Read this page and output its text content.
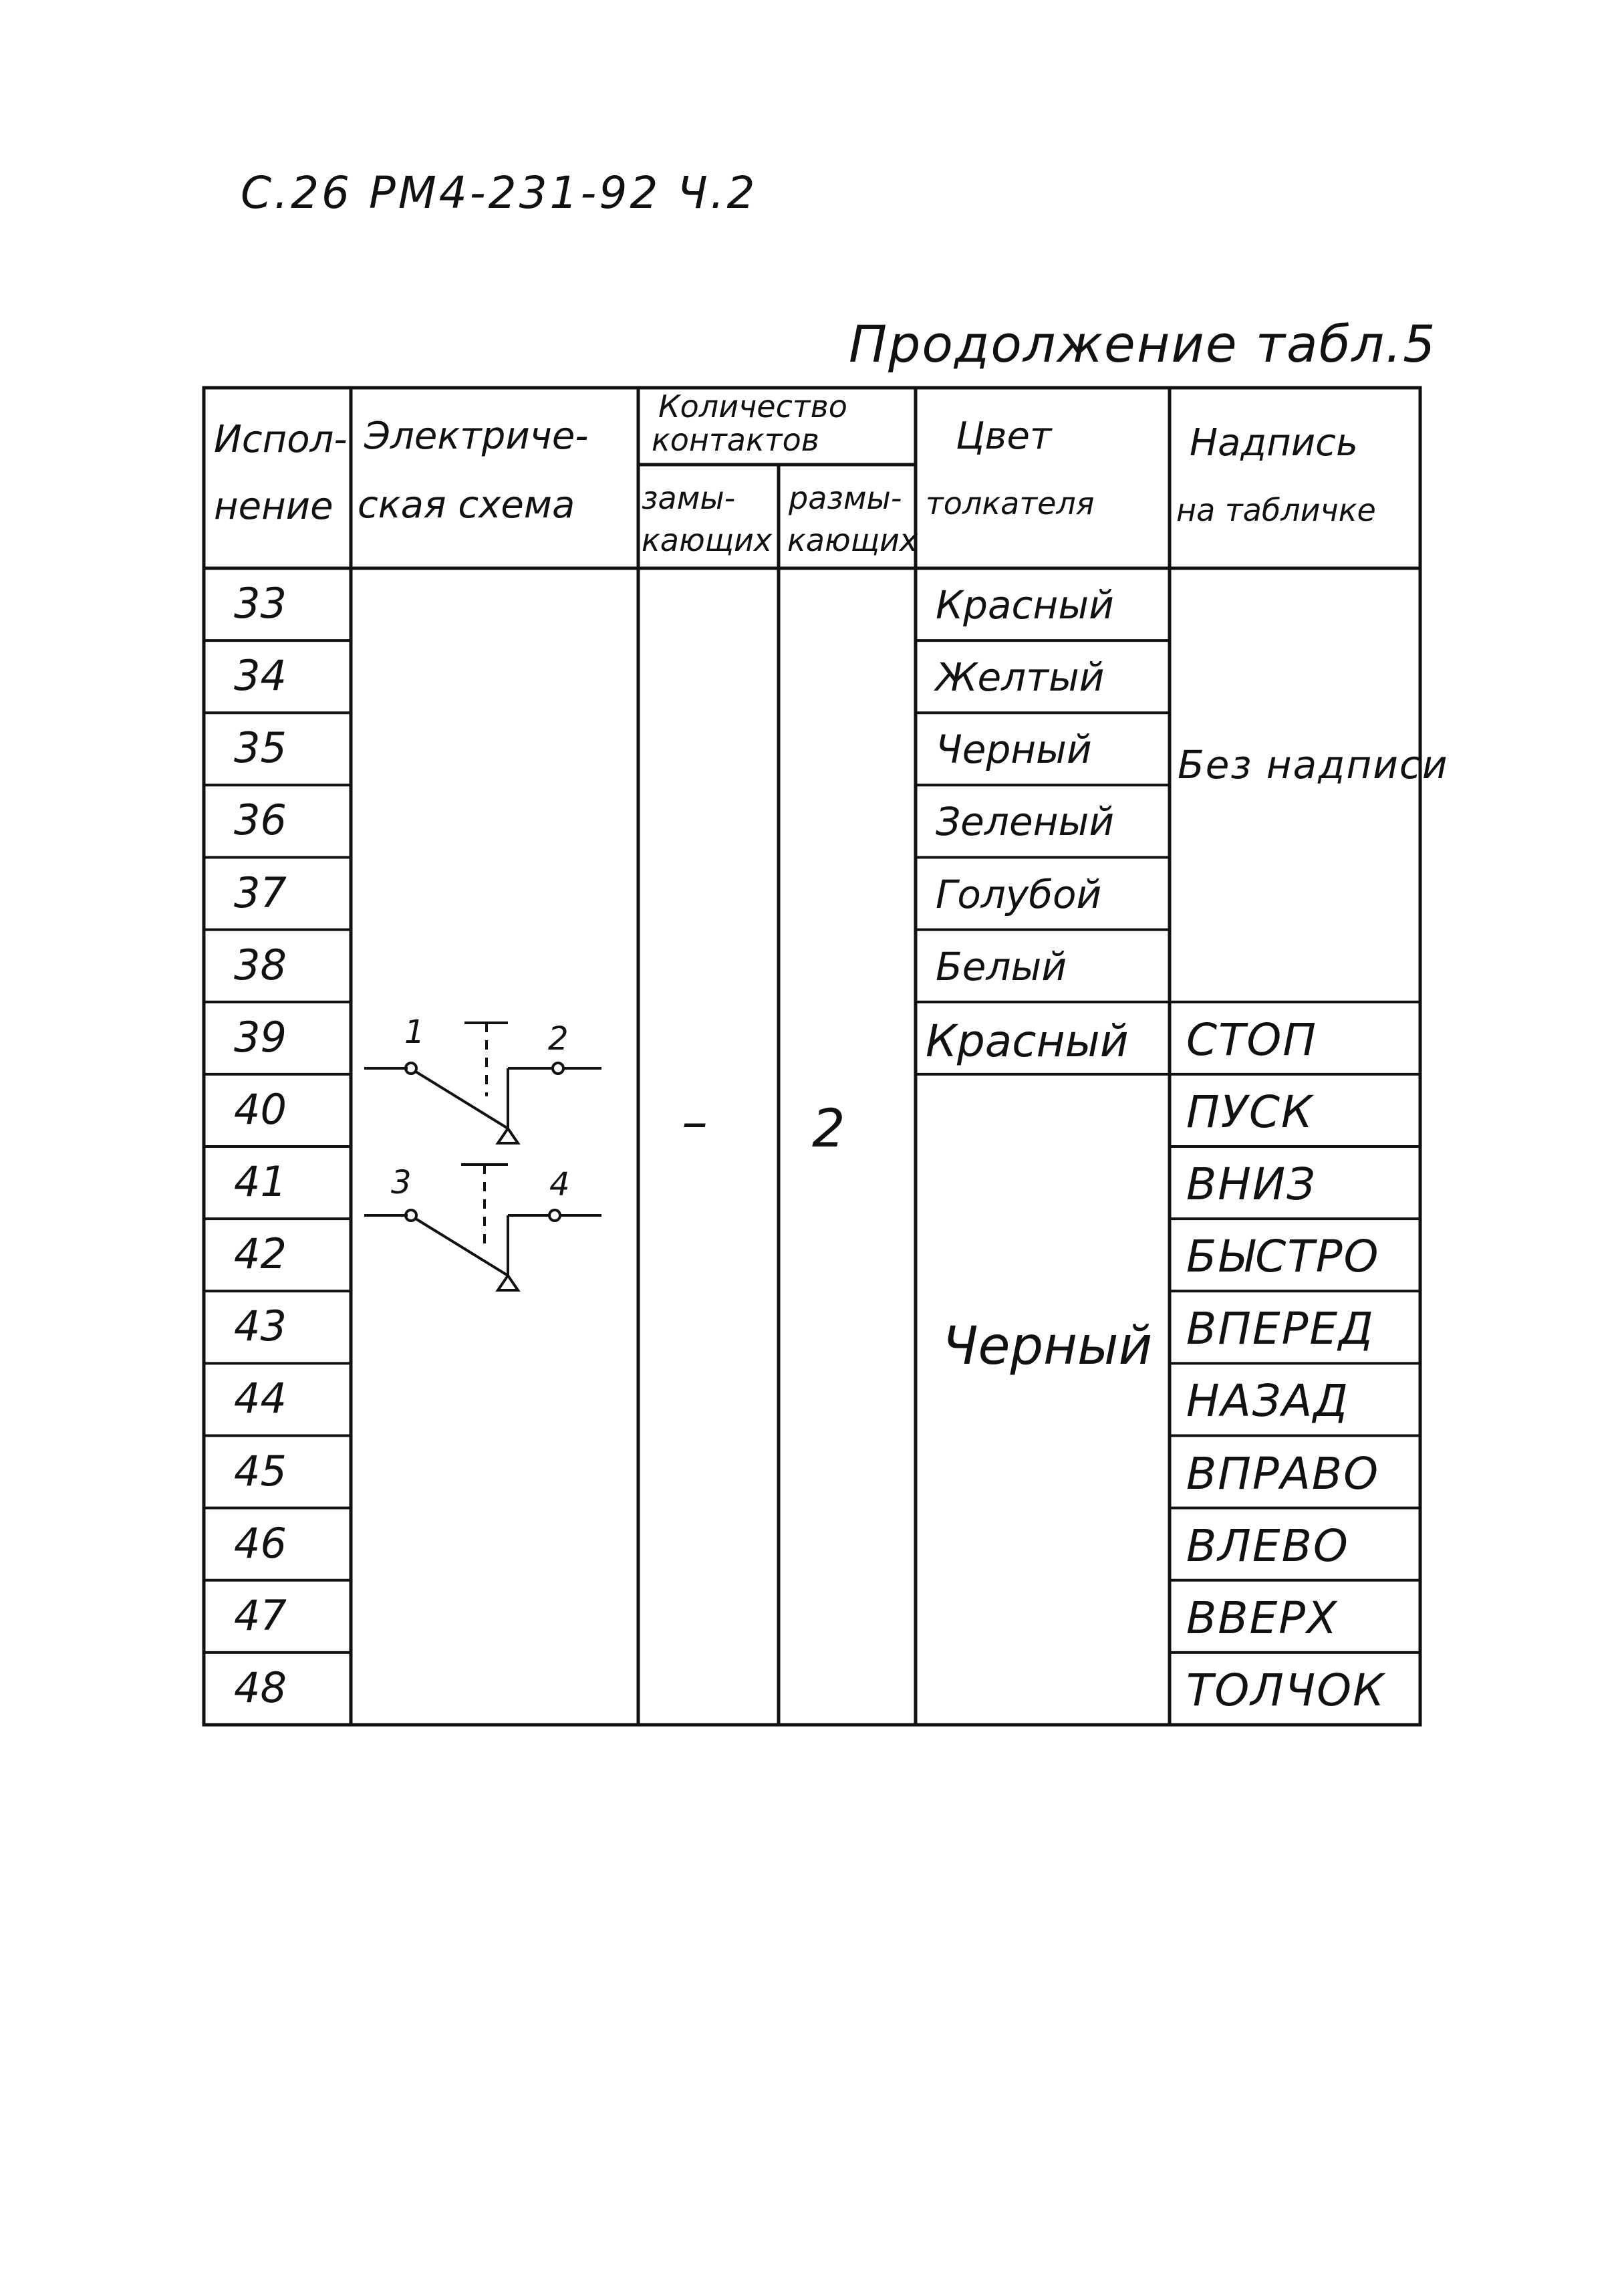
С.26 РМ4-231-92 Ч.2
Продолжение табл.5
Испол-
нение
Электриче-
ская схема
Количество
контактов
замы-
кающих
размы-
кающих
Цвет
толкателя
Надпись
на табличке
33
34
35
36
37
38
39
40
41
42
43
44
45
46
47
48
Красный
Желтый
Черный
Зеленый
Голубой
Белый
Красный
Черный
Без надписи
СТОП
ПУСК
ВНИЗ
БЫСТРО
ВПЕРЕД
НАЗАД
ВПРАВО
ВЛЕВО
ВВЕРХ
ТОЛЧОК
– 2
1	2
3	4
